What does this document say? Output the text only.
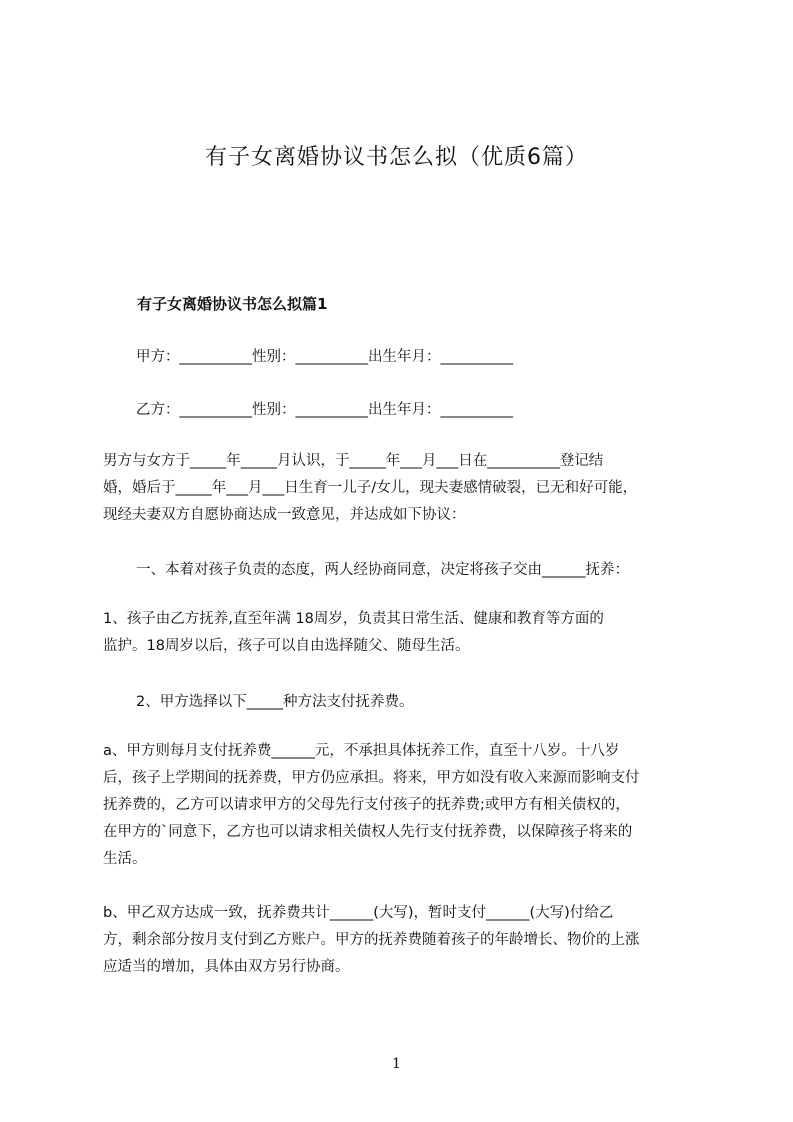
有子女离婚协议书怎么拟（优质6篇）
有子女离婚协议书怎么拟篇1
甲方：__________性别：__________出生年月：__________
乙方：__________性别：__________出生年月：__________

男方与女方于_____年_____月认识，于_____年___月___日在__________登记结

婚，婚后于_____年___月___日生育一儿子/女儿，现夫妻感情破裂，已无和好可能，

现经夫妻双方自愿协商达成一致意见，并达成如下协议：

一、本着对孩子负责的态度，两人经协商同意，决定将孩子交由______抚养：

1、孩子由乙方抚养,直至年满 18周岁，负责其日常生活、健康和教育等方面的

监护。18周岁以后，孩子可以自由选择随父、随母生活。

2、甲方选择以下_____种方法支付抚养费。

a、甲方则每月支付抚养费______元，不承担具体抚养工作，直至十八岁。十八岁

后，孩子上学期间的抚养费，甲方仍应承担。将来，甲方如没有收入来源而影响支付

抚养费的，乙方可以请求甲方的父母先行支付孩子的抚养费;或甲方有相关债权的，

在甲方的`同意下，乙方也可以请求相关债权人先行支付抚养费，以保障孩子将来的

生活。

b、甲乙双方达成一致，抚养费共计______(大写)，暂时支付______(大写)付给乙

方，剩余部分按月支付到乙方账户。甲方的抚养费随着孩子的年龄增长、物价的上涨

应适当的增加，具体由双方另行协商。

1
